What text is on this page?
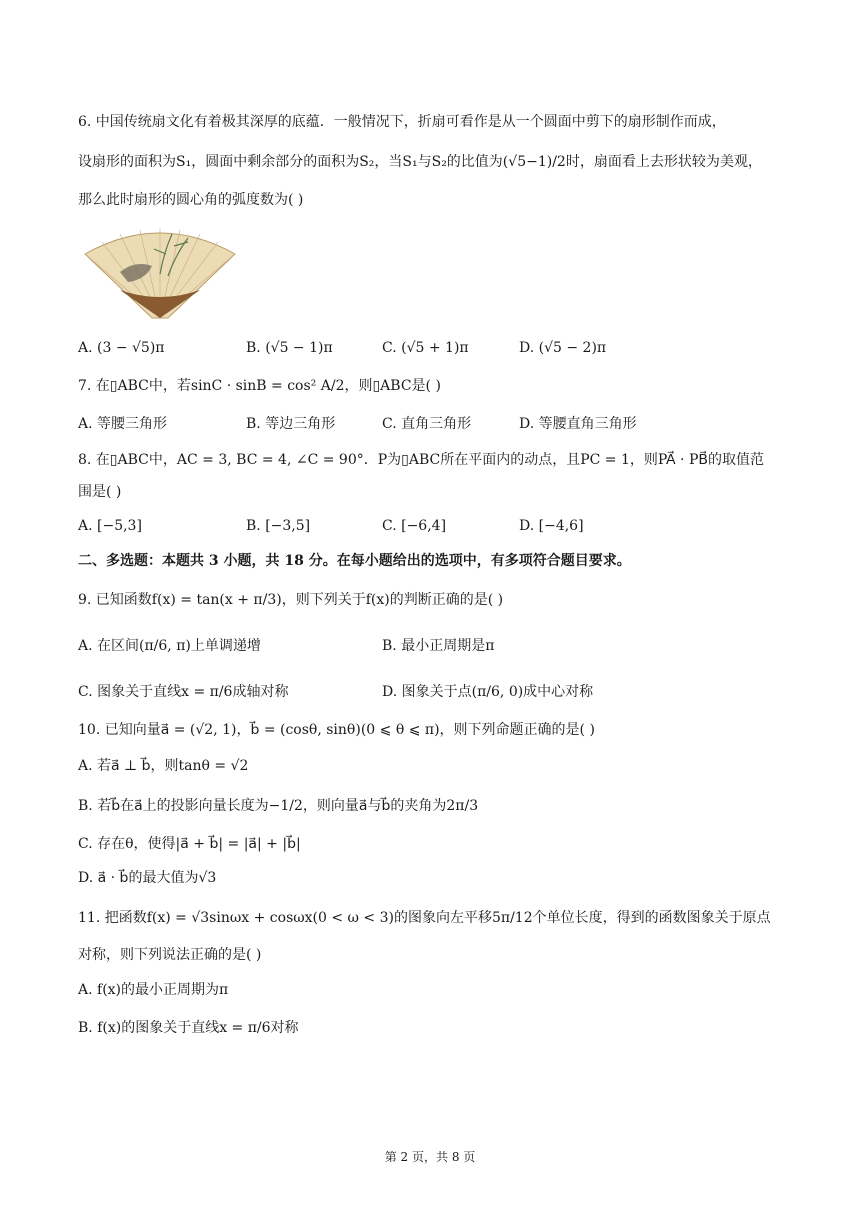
6. 中国传统扇文化有着极其深厚的底蕴．一般情况下，折扇可看作是从一个圆面中剪下的扇形制作而成，
设扇形的面积为S₁，圆面中剩余部分的面积为S₂，当S₁与S₂的比值为(√5−1)/2时，扇面看上去形状较为美观，
那么此时扇形的圆心角的弧度数为( )
A. (3 − √5)π	B. (√5 − 1)π	C. (√5 + 1)π	D. (√5 − 2)π
7. 在▯ABC中，若sinC · sinB = cos² A/2，则▯ABC是( )
A. 等腰三角形	B. 等边三角形	C. 直角三角形	D. 等腰直角三角形
8. 在▯ABC中，AC = 3, BC = 4, ∠C = 90°．P为▯ABC所在平面内的动点，且PC = 1，则PA⃗ · PB⃗的取值范
围是( )
A. [−5,3]	B. [−3,5]	C. [−6,4]	D. [−4,6]
二、多选题：本题共 3 小题，共 18 分。在每小题给出的选项中，有多项符合题目要求。
9. 已知函数f(x) = tan(x + π/3)，则下列关于f(x)的判断正确的是( )
A. 在区间(π/6, π)上单调递增	B. 最小正周期是π
C. 图象关于直线x = π/6成轴对称	D. 图象关于点(π/6, 0)成中心对称
10. 已知向量a⃗ = (√2, 1)，b⃗ = (cosθ, sinθ)(0 ⩽ θ ⩽ π)，则下列命题正确的是( )
A. 若a⃗ ⊥ b⃗，则tanθ = √2
B. 若b⃗在a⃗上的投影向量长度为−1/2，则向量a⃗与b⃗的夹角为2π/3
C. 存在θ，使得|a⃗ + b⃗| = |a⃗| + |b⃗|
D. a⃗ · b⃗的最大值为√3
11. 把函数f(x) = √3sinωx + cosωx(0 < ω < 3)的图象向左平移5π/12个单位长度，得到的函数图象关于原点
对称，则下列说法正确的是( )
A. f(x)的最小正周期为π
B. f(x)的图象关于直线x = π/6对称
第 2 页，共 8 页
